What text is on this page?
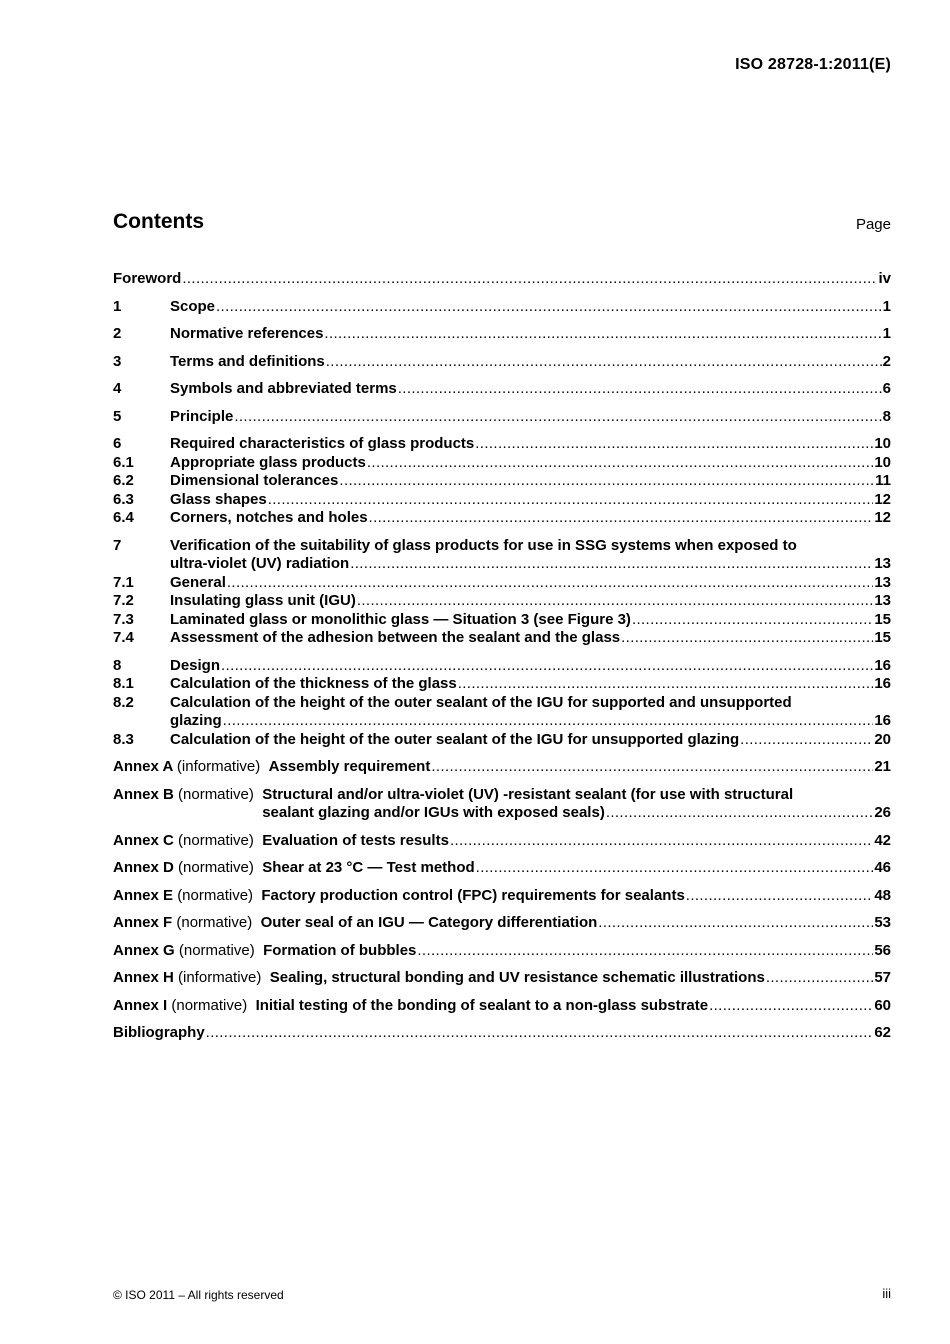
ISO 28728-1:2011(E)
Contents	Page
Foreword . . .	iv
1	Scope . . .	1
2	Normative references . . .	1
3	Terms and definitions . . .	2
4	Symbols and abbreviated terms . . .	6
5	Principle . . .	8
6	Required characteristics of glass products . . .	10
6.1	Appropriate glass products . . .	10
6.2	Dimensional tolerances . . .	11
6.3	Glass shapes . . .	12
6.4	Corners, notches and holes . . .	12
7	Verification of the suitability of glass products for use in SSG systems when exposed to
ultra-violet (UV) radiation . . .	13
7.1	General . . .	13
7.2	Insulating glass unit (IGU) . . .	13
7.3	Laminated glass or monolithic glass — Situation 3 (see Figure 3) . . .	15
7.4	Assessment of the adhesion between the sealant and the glass . . .	15
8	Design . . .	16
8.1	Calculation of the thickness of the glass . . .	16
8.2	Calculation of the height of the outer sealant of the IGU for supported and unsupported
glazing . . .	16
8.3	Calculation of the height of the outer sealant of the IGU for unsupported glazing . . .	20
Annex A (informative) Assembly requirement . . .	21
Annex B (normative) Structural and/or ultra-violet (UV) -resistant sealant (for use with structural
sealant glazing and/or IGUs with exposed seals) . . .	26
Annex C (normative) Evaluation of tests results . . .	42
Annex D (normative) Shear at 23 °C — Test method . . .	46
Annex E (normative) Factory production control (FPC) requirements for sealants . . .	48
Annex F (normative) Outer seal of an IGU — Category differentiation . . .	53
Annex G (normative) Formation of bubbles . . .	56
Annex H (informative) Sealing, structural bonding and UV resistance schematic illustrations . . .	57
Annex I (normative) Initial testing of the bonding of sealant to a non-glass substrate . . .	60
Bibliography . . .	62
© ISO 2011 – All rights reserved	iii
